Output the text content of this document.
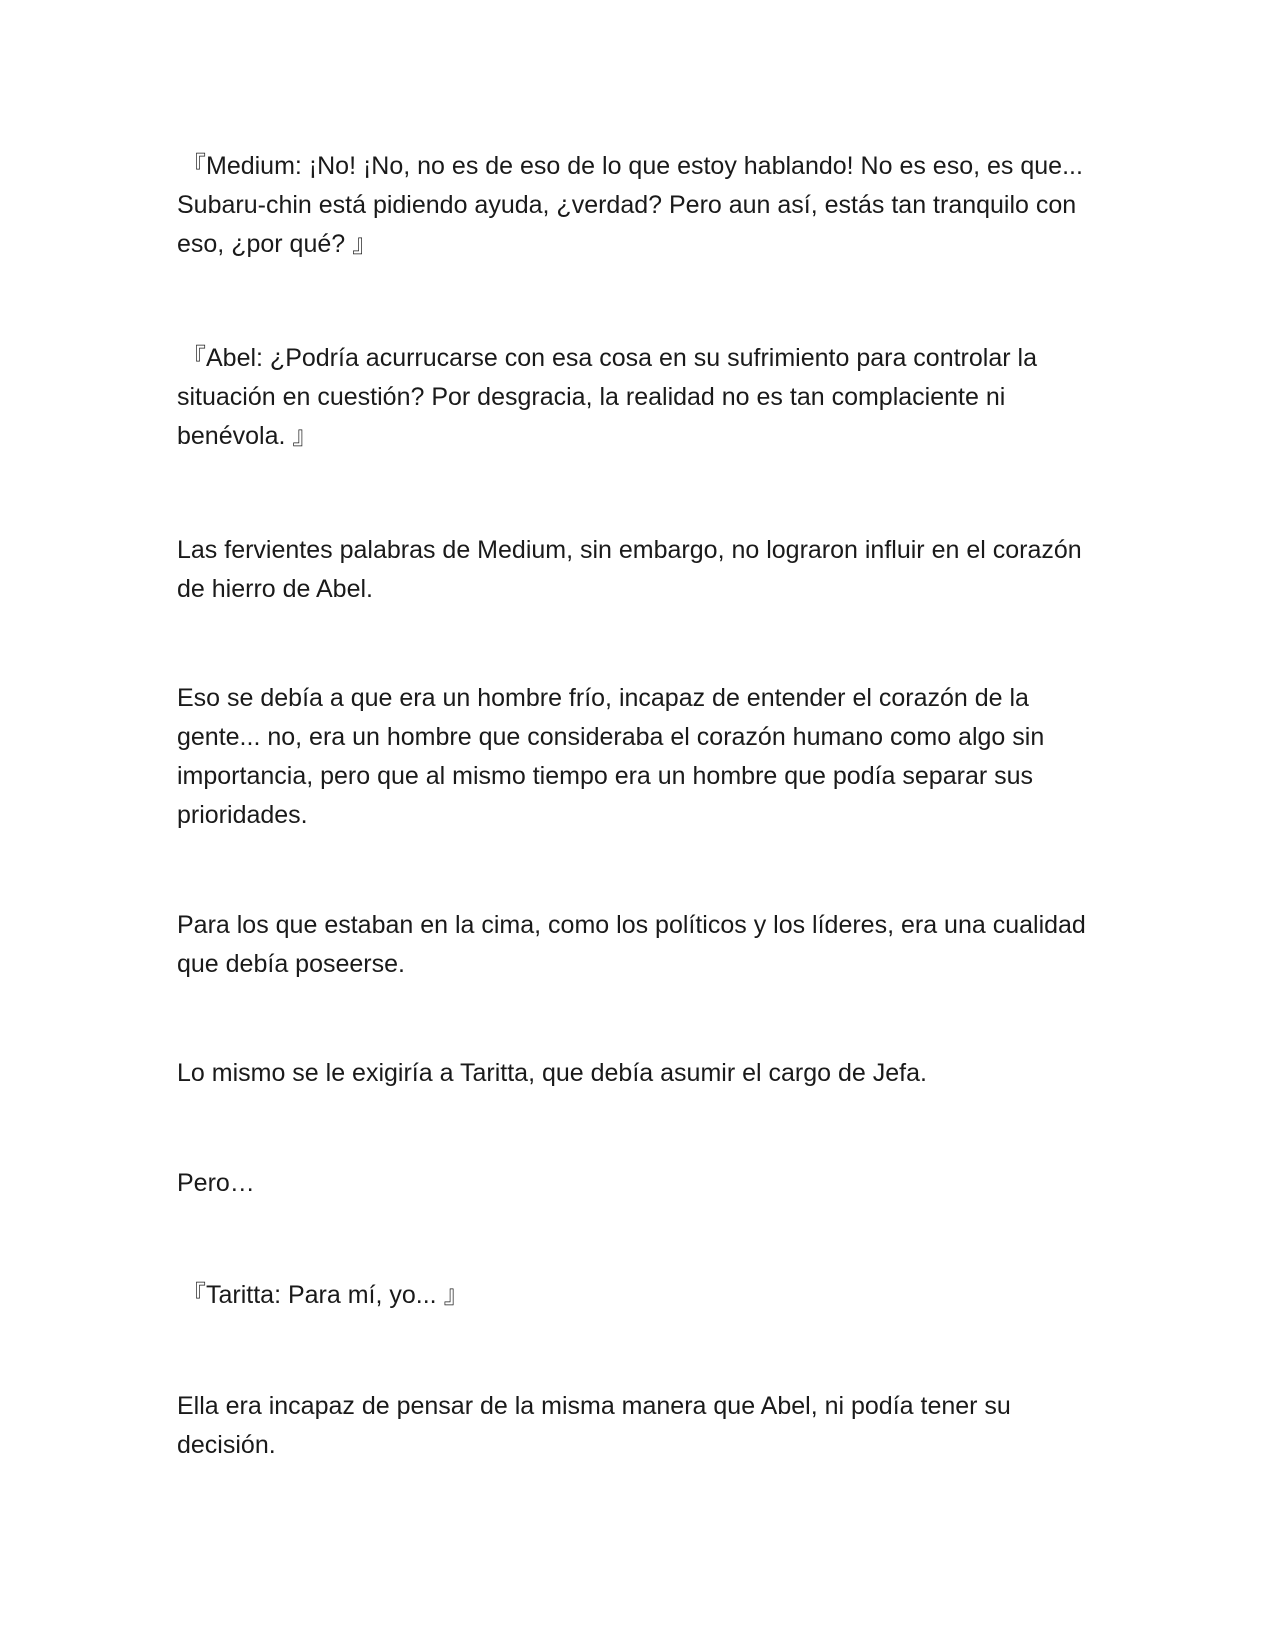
『Medium: ¡No! ¡No, no es de eso de lo que estoy hablando! No es eso, es que... Subaru-chin está pidiendo ayuda, ¿verdad? Pero aun así, estás tan tranquilo con eso, ¿por qué? 』

『Abel: ¿Podría acurrucarse con esa cosa en su sufrimiento para controlar la situación en cuestión? Por desgracia, la realidad no es tan complaciente ni benévola. 』

Las fervientes palabras de Medium, sin embargo, no lograron influir en el corazón de hierro de Abel.

Eso se debía a que era un hombre frío, incapaz de entender el corazón de la gente... no, era un hombre que consideraba el corazón humano como algo sin importancia, pero que al mismo tiempo era un hombre que podía separar sus prioridades.

Para los que estaban en la cima, como los políticos y los líderes, era una cualidad que debía poseerse.

Lo mismo se le exigiría a Taritta, que debía asumir el cargo de Jefa.

Pero…

『Taritta: Para mí, yo... 』

Ella era incapaz de pensar de la misma manera que Abel, ni podía tener su decisión.
